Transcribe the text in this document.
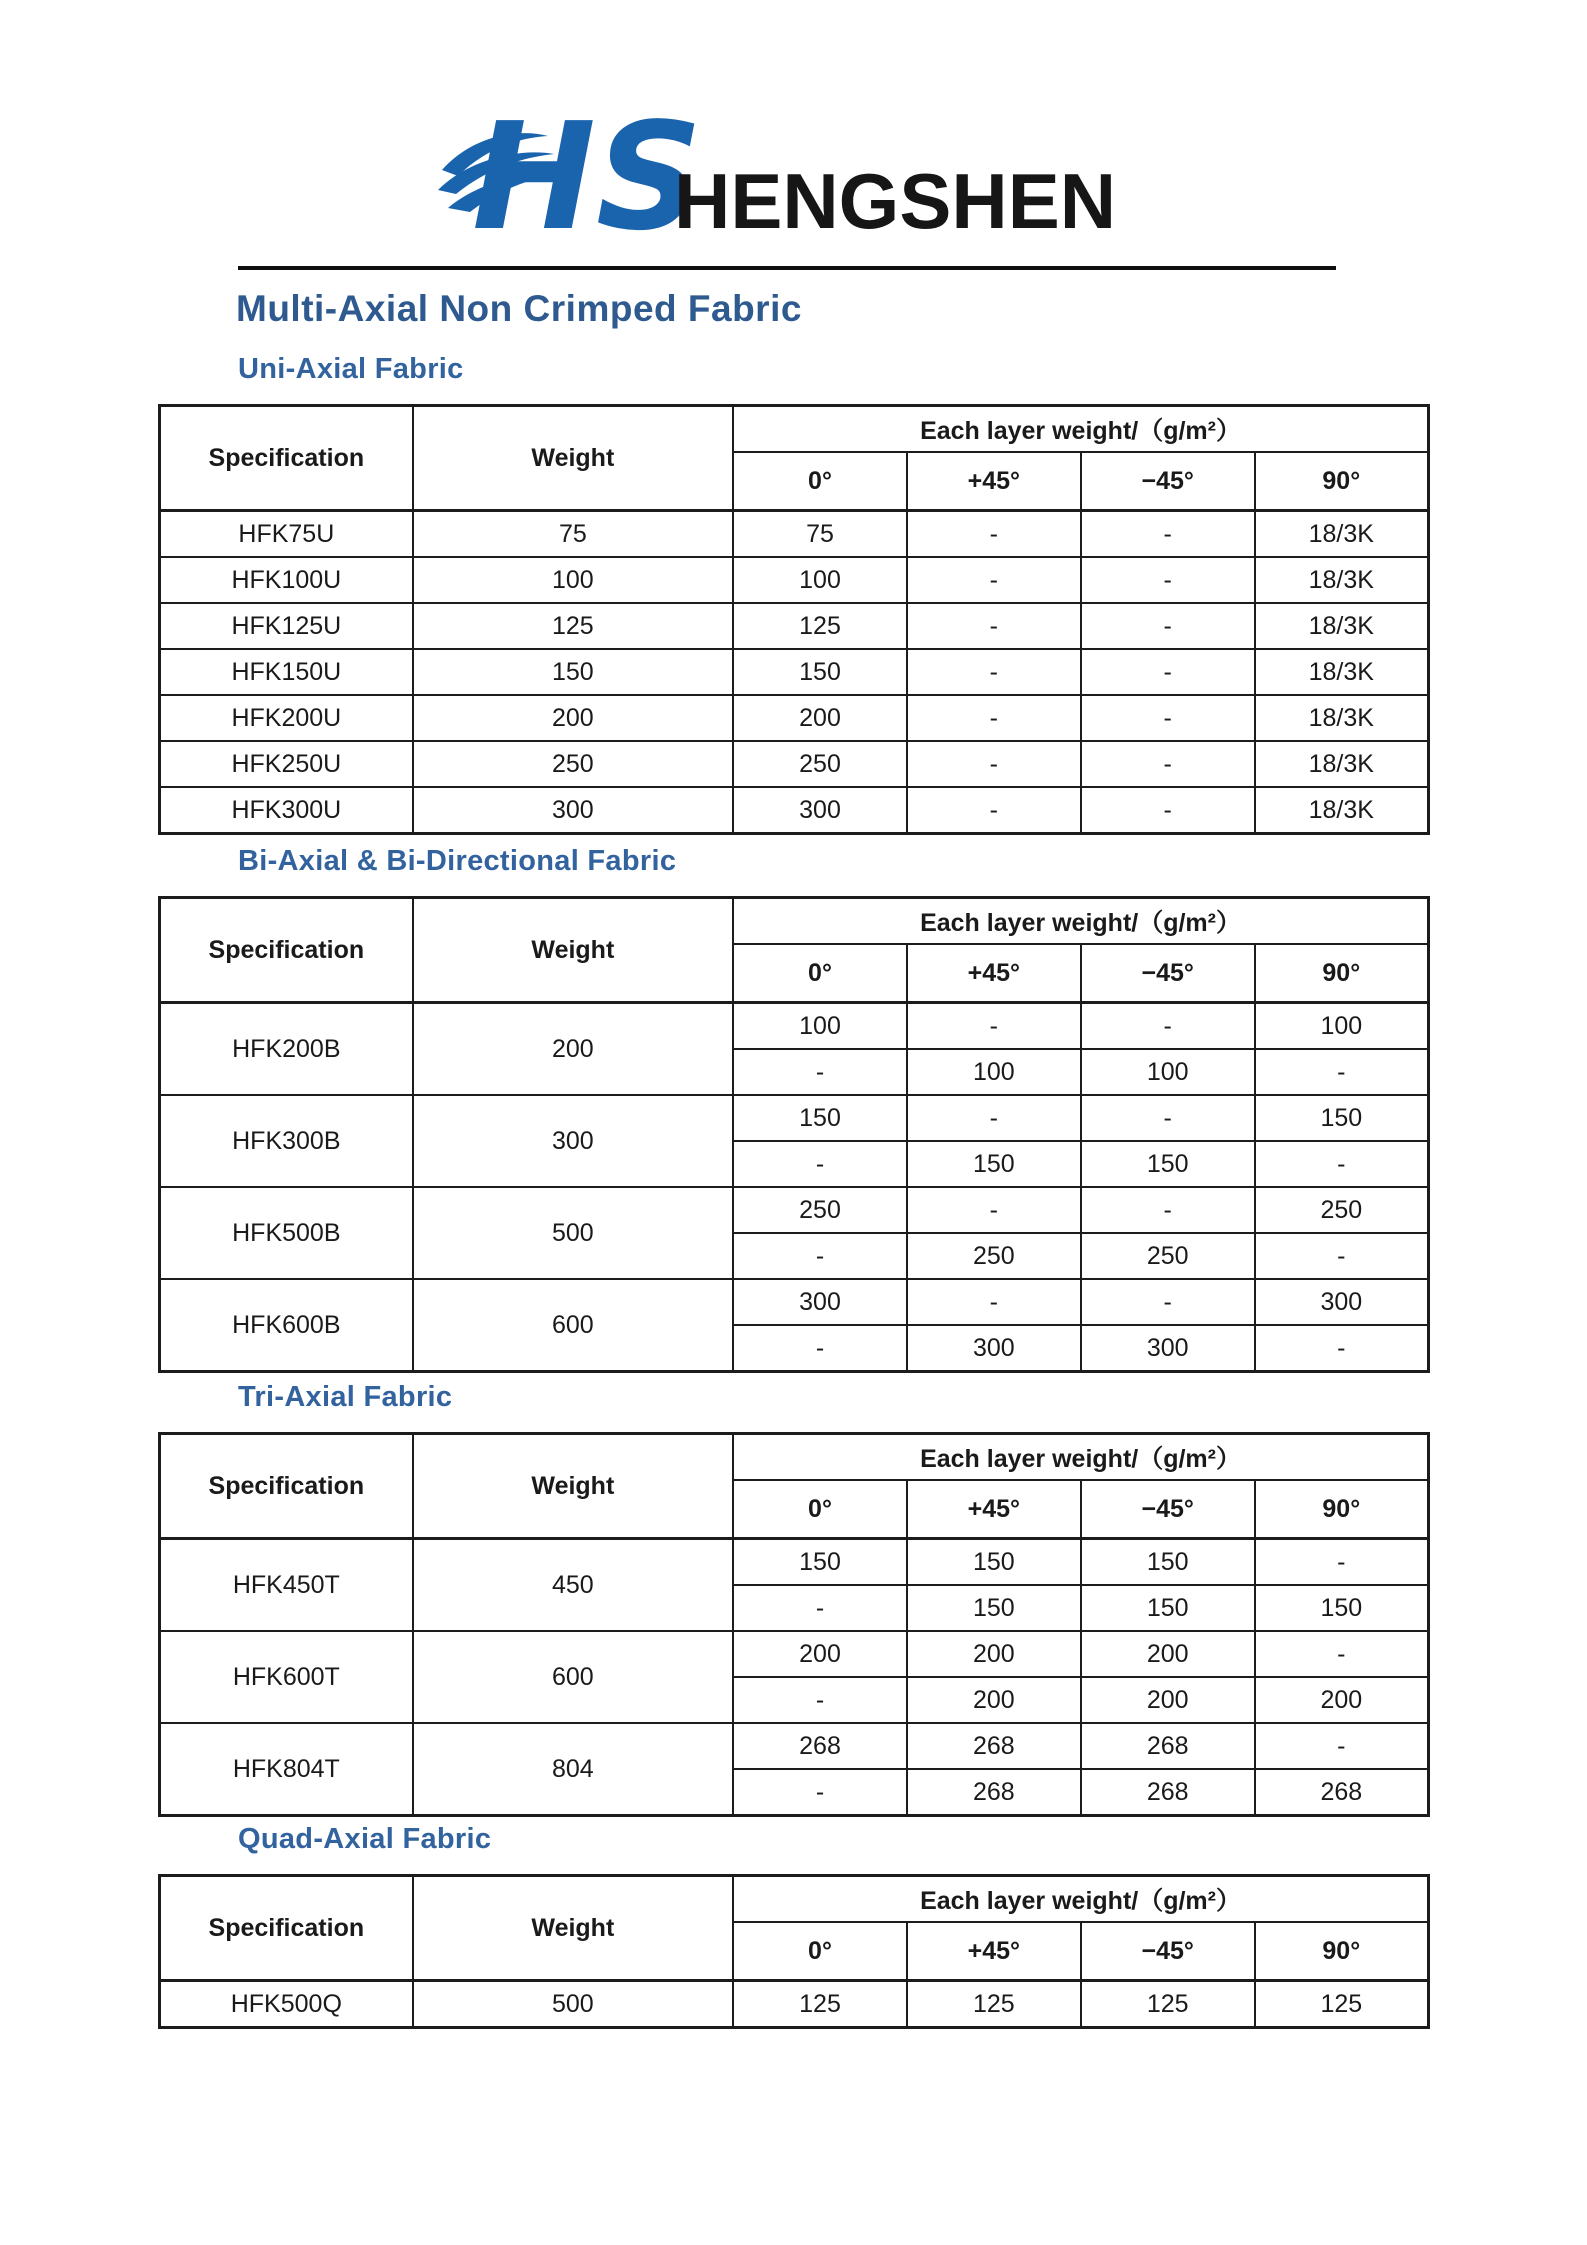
HS
HENGSHEN
Multi-Axial Non Crimped Fabric
Uni-Axial Fabric
Specification	Weight	Each layer weight/（g/m²）			
		0°	+45°	−45°	90°
HFK75U	75	75	-	-	18/3K
HFK100U	100	100	-	-	18/3K
HFK125U	125	125	-	-	18/3K
HFK150U	150	150	-	-	18/3K
HFK200U	200	200	-	-	18/3K
HFK250U	250	250	-	-	18/3K
HFK300U	300	300	-	-	18/3K
Bi-Axial & Bi-Directional Fabric
Specification	Weight	Each layer weight/（g/m²）			
		0°	+45°	−45°	90°
HFK200B	200	100	-	-	100
		-	100	100	-
HFK300B	300	150	-	-	150
		-	150	150	-
HFK500B	500	250	-	-	250
		-	250	250	-
HFK600B	600	300	-	-	300
		-	300	300	-
Tri-Axial Fabric
Specification	Weight	Each layer weight/（g/m²）			
		0°	+45°	−45°	90°
HFK450T	450	150	150	150	-
		-	150	150	150
HFK600T	600	200	200	200	-
		-	200	200	200
HFK804T	804	268	268	268	-
		-	268	268	268
Quad-Axial Fabric
Specification	Weight	Each layer weight/（g/m²）			
		0°	+45°	−45°	90°
HFK500Q	500	125	125	125	125
